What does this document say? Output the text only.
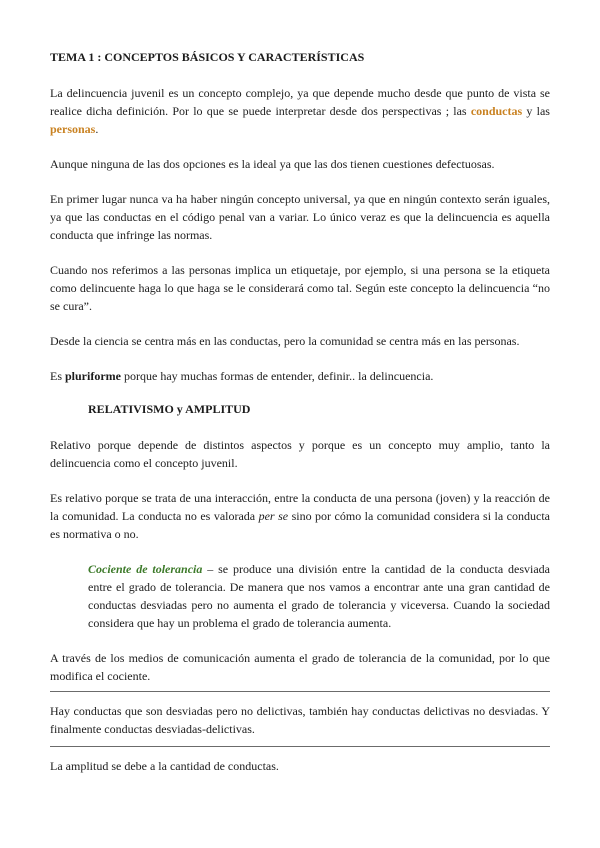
TEMA 1 : CONCEPTOS BÁSICOS Y CARACTERÍSTICAS

La delincuencia juvenil es un concepto complejo, ya que depende mucho desde que punto de vista se realice dicha definición. Por lo que se puede interpretar desde dos perspectivas ; las conductas y las personas.

Aunque ninguna de las dos opciones es la ideal ya que las dos tienen cuestiones defectuosas.

En primer lugar nunca va ha haber ningún concepto universal, ya que en ningún contexto serán iguales, ya que las conductas en el código penal van a variar. Lo único veraz es que la delincuencia es aquella conducta que infringe las normas.

Cuando nos referimos a las personas implica un etiquetaje, por ejemplo, si una persona se la etiqueta como delincuente haga lo que haga se le considerará como tal. Según este concepto la delincuencia “no se cura”.

Desde la ciencia se centra más en las conductas, pero la comunidad se centra más en las personas.

Es pluriforme porque hay muchas formas de entender, definir.. la delincuencia.

RELATIVISMO y AMPLITUD

Relativo porque depende de distintos aspectos y porque es un concepto muy amplio, tanto la delincuencia como el concepto juvenil.

Es relativo porque se trata de una interacción, entre la conducta de una persona (joven) y la reacción de la comunidad. La conducta no es valorada per se sino por cómo la comunidad considera si la conducta es normativa o no.

Cociente de tolerancia – se produce una división entre la cantidad de la conducta desviada entre el grado de tolerancia. De manera que nos vamos a encontrar ante una gran cantidad de conductas desviadas pero no aumenta el grado de tolerancia y viceversa. Cuando la sociedad considera que hay un problema el grado de tolerancia aumenta.

A través de los medios de comunicación aumenta el grado de tolerancia de la comunidad, por lo que modifica el cociente.

Hay conductas que son desviadas pero no delictivas, también hay conductas delictivas no desviadas. Y finalmente conductas desviadas-delictivas.

La amplitud se debe a la cantidad de conductas.
